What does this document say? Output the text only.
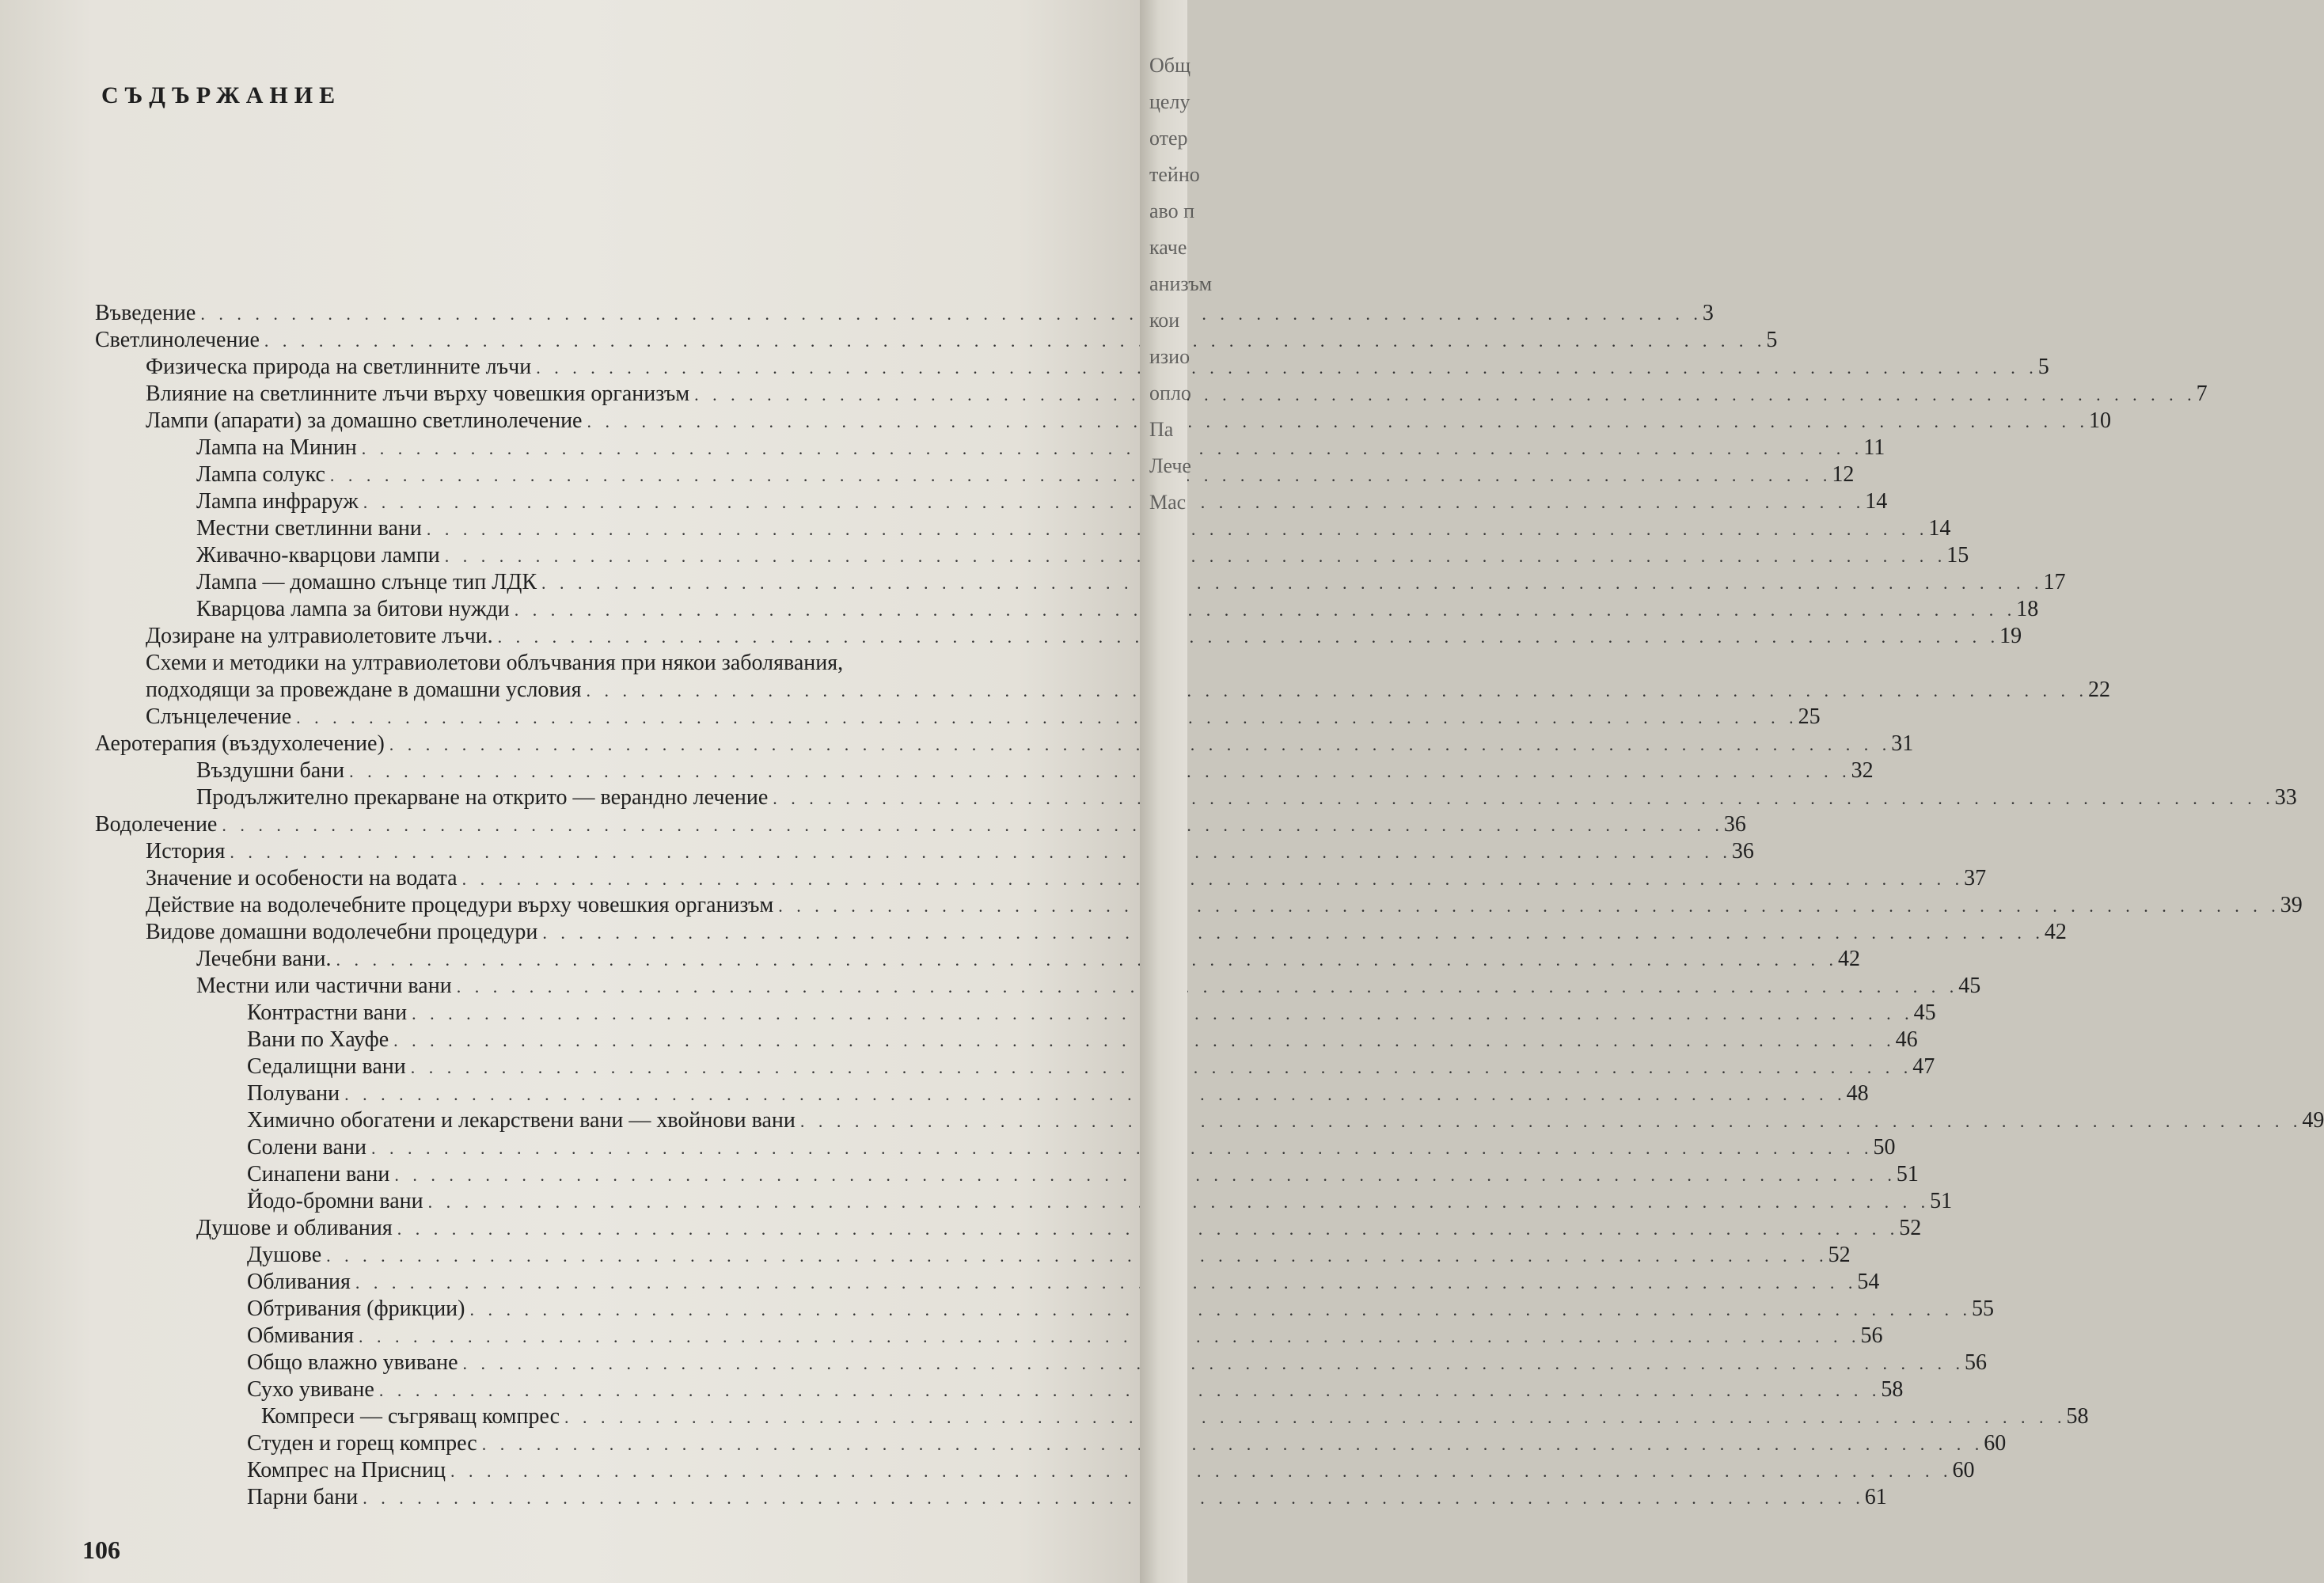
СЪДЪРЖАНИЕ
Въведение . . .	3
Светлинолечение . . .	5
Физическа природа на светлинните лъчи . . .	5
Влияние на светлинните лъчи върху човешкия организъм . . .	7
Лампи (апарати) за домашно светлинолечение . . .	10
Лампа на Минин . . .	11
Лампа солукс . . .	12
Лампа инфраруж . . .	14
Местни светлинни вани . . .	14
Живачно-кварцови лампи . . .	15
Лампа — домашно слънце тип ЛДК . . .	17
Кварцова лампа за битови нужди . . .	18
Дозиране на ултравиолетовите лъчи. . . .	19
Схеми и методики на ултравиолетови облъчвания при някои заболявания,
подходящи за провеждане в домашни условия . . .	22
Слънцелечение . . .	25
Аеротерапия (въздухолечение) . . .	31
Въздушни бани . . .	32
Продължително прекарване на открито — верандно лечение . . .	33
Водолечение . . .	36
История . . .	36
Значение и особености на водата . . .	37
Действие на водолечебните процедури върху човешкия организъм . . .	39
Видове домашни водолечебни процедури . . .	42
Лечебни вани. . . .	42
Местни или частични вани . . .	45
Контрастни вани . . .	45
Вани по Хауфе . . .	46
Седалищни вани . . .	47
Полувани . . .	48
Химично обогатени и лекарствени вани — хвойнови вани . . .	49
Солени вани . . .	50
Синапени вани . . .	51
Йодо-бромни вани . . .	51
Душове и обливания . . .	52
Душове . . .	52
Обливания . . .	54
Обтривания (фрикции) . . .	55
Обмивания . . .	56
Общо влажно увиване . . .	56
Сухо увиване . . .	58
Компреси — съгряващ компрес . . .	58
Студен и горещ компрес . . .	60
Компрес на Присниц . . .	60
Парни бани . . .	61
106
Общ
целу
отер
тейно
аво п
каче
анизъм
кои
изио
опло
Па
Лече
Мас
